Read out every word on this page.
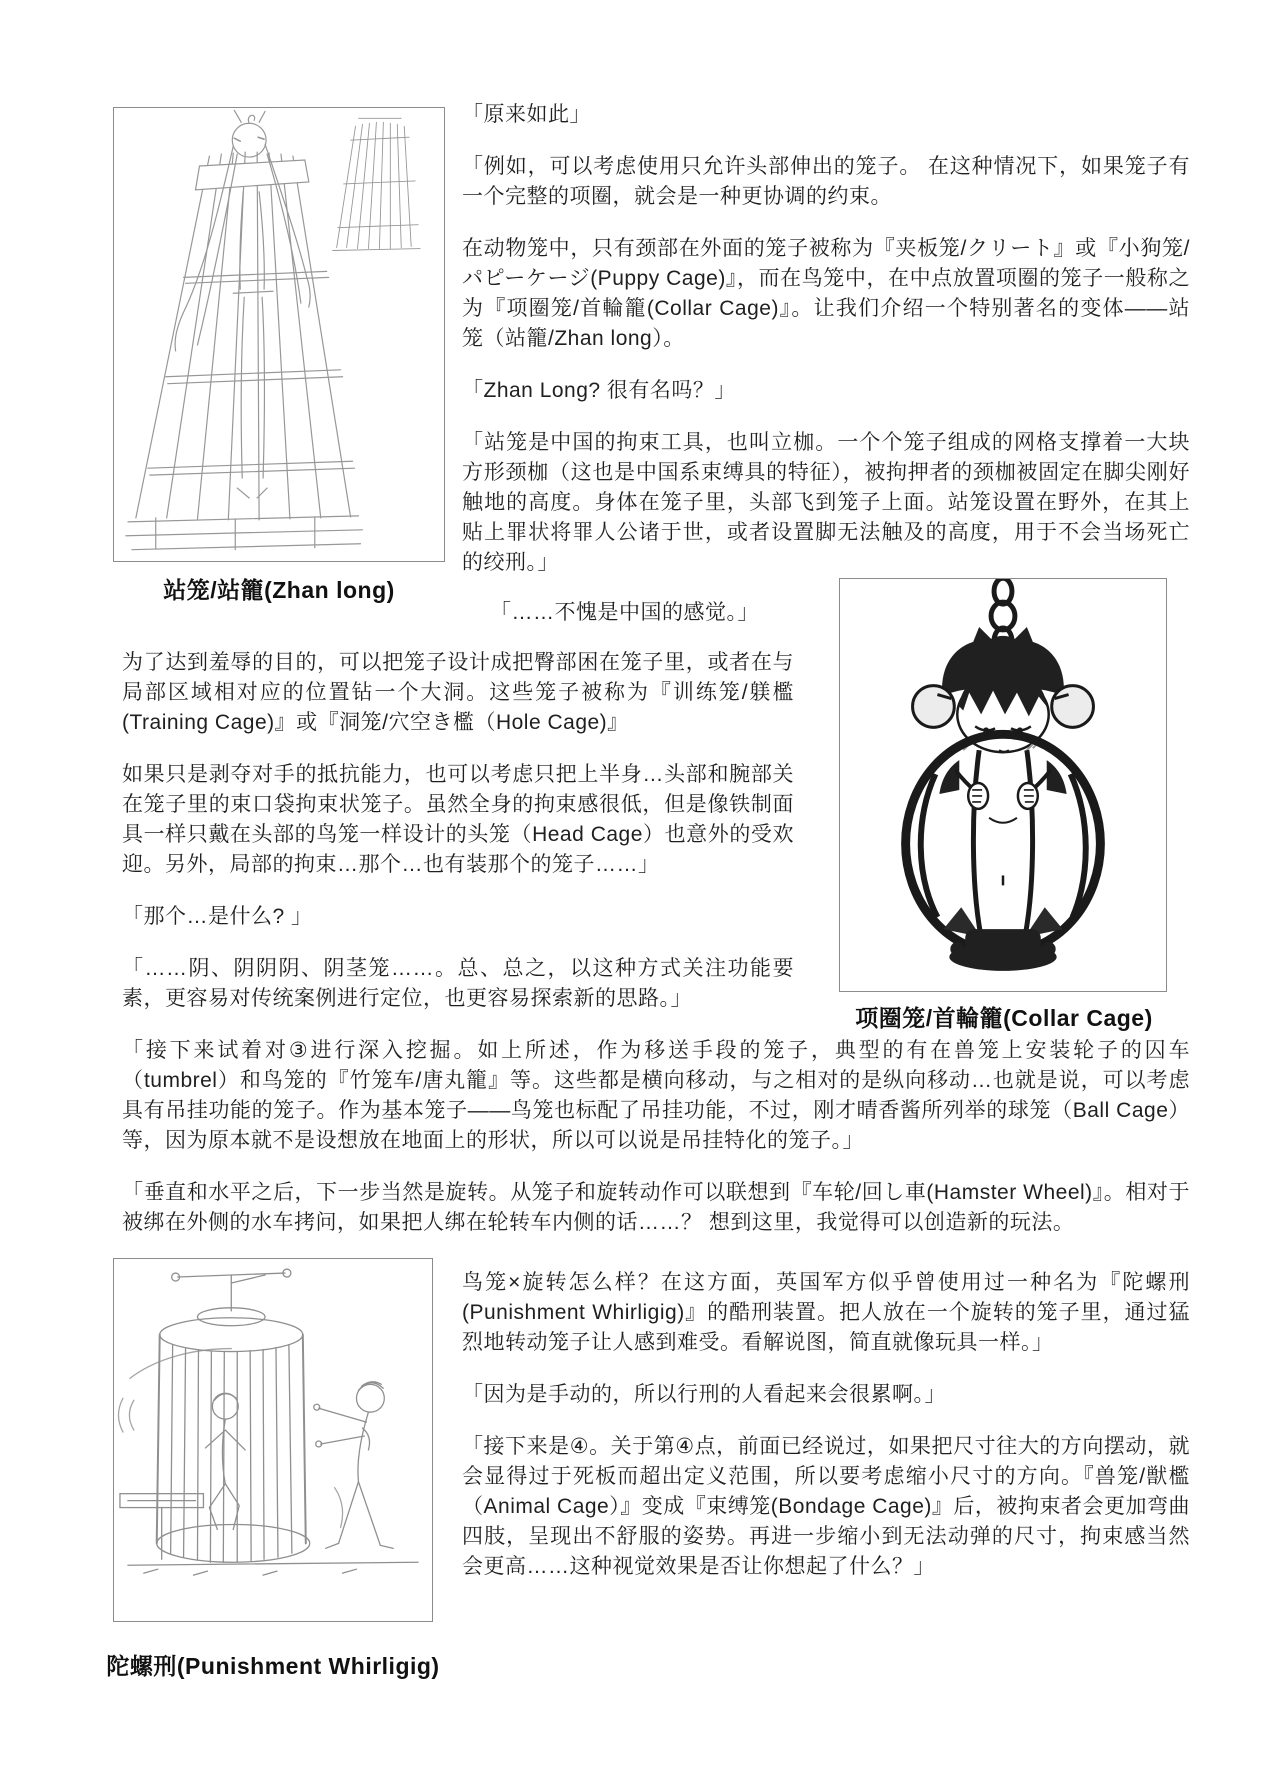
站笼/站籠(Zhan long)

「原来如此」

「例如，可以考虑使用只允许头部伸出的笼子。 在这种情况下，如果笼子有一个完整的项圈，就会是一种更协调的约束。

在动物笼中，只有颈部在外面的笼子被称为『夹板笼/クリート』或『小狗笼/パピーケージ(Puppy Cage)』，而在鸟笼中，在中点放置项圈的笼子一般称之为『项圈笼/首輪籠(Collar Cage)』。让我们介绍一个特别著名的变体——站笼（站籠/Zhan long）。

「Zhan Long? 很有名吗？」

「站笼是中国的拘束工具，也叫立枷。一个个笼子组成的网格支撑着一大块方形颈枷（这也是中国系束缚具的特征），被拘押者的颈枷被固定在脚尖刚好触地的高度。身体在笼子里，头部飞到笼子上面。站笼设置在野外，在其上贴上罪状将罪人公诸于世，或者设置脚无法触及的高度，用于不会当场死亡的绞刑。」

「……不愧是中国的感觉。」

为了达到羞辱的目的，可以把笼子设计成把臀部困在笼子里，或者在与局部区域相对应的位置钻一个大洞。这些笼子被称为『训练笼/躾檻(Training Cage)』或『洞笼/穴空き檻（Hole Cage)』

如果只是剥夺对手的抵抗能力，也可以考虑只把上半身…头部和腕部关在笼子里的束口袋拘束状笼子。虽然全身的拘束感很低，但是像铁制面具一样只戴在头部的鸟笼一样设计的头笼（Head Cage）也意外的受欢迎。另外，局部的拘束…那个…也有装那个的笼子……」

「那个…是什么? 」

「……阴、阴阴阴、阴茎笼……。总、总之，以这种方式关注功能要素，更容易对传统案例进行定位，也更容易探索新的思路。」

项圈笼/首輪籠(Collar Cage)

「接下来试着对③进行深入挖掘。如上所述，作为移送手段的笼子，典型的有在兽笼上安装轮子的囚车（tumbrel）和鸟笼的『竹笼车/唐丸籠』等。这些都是横向移动，与之相对的是纵向移动…也就是说，可以考虑具有吊挂功能的笼子。作为基本笼子——鸟笼也标配了吊挂功能，不过，刚才晴香酱所列举的球笼（Ball Cage）等，因为原本就不是设想放在地面上的形状，所以可以说是吊挂特化的笼子。」

「垂直和水平之后，下一步当然是旋转。从笼子和旋转动作可以联想到『车轮/回し車(Hamster Wheel)』。相对于被绑在外侧的水车拷问，如果把人绑在轮转车内侧的话……？ 想到这里，我觉得可以创造新的玩法。

陀螺刑(Punishment Whirligig)

鸟笼×旋转怎么样？在这方面，英国军方似乎曾使用过一种名为『陀螺刑(Punishment Whirligig)』的酷刑装置。把人放在一个旋转的笼子里，通过猛烈地转动笼子让人感到难受。看解说图，简直就像玩具一样。」

「因为是手动的，所以行刑的人看起来会很累啊。」

「接下来是④。关于第④点，前面已经说过，如果把尺寸往大的方向摆动，就会显得过于死板而超出定义范围，所以要考虑缩小尺寸的方向。『兽笼/獣檻（Animal Cage）』变成『束缚笼(Bondage Cage)』后，被拘束者会更加弯曲四肢，呈现出不舒服的姿势。再进一步缩小到无法动弹的尺寸，拘束感当然会更高……这种视觉效果是否让你想起了什么？」
